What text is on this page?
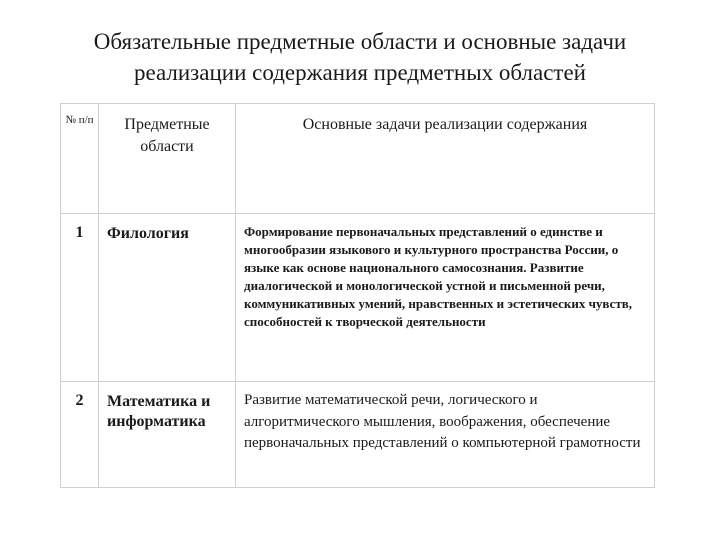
Обязательные предметные области и основные задачи
реализации содержания предметных областей
№ п/п	Предметные области	Основные задачи реализации содержания
1	Филология	Формирование первоначальных представлений о единстве и многообразии языкового и культурного пространства России, о языке как основе национального самосознания. Развитие диалогической и монологической устной и письменной речи, коммуникативных умений, нравственных и эстетических чувств, способностей к творческой деятельности
2	Математика и информатика	Развитие математической речи, логического и алгоритмического мышления, воображения, обеспечение первоначальных представлений о компьютерной грамотности
